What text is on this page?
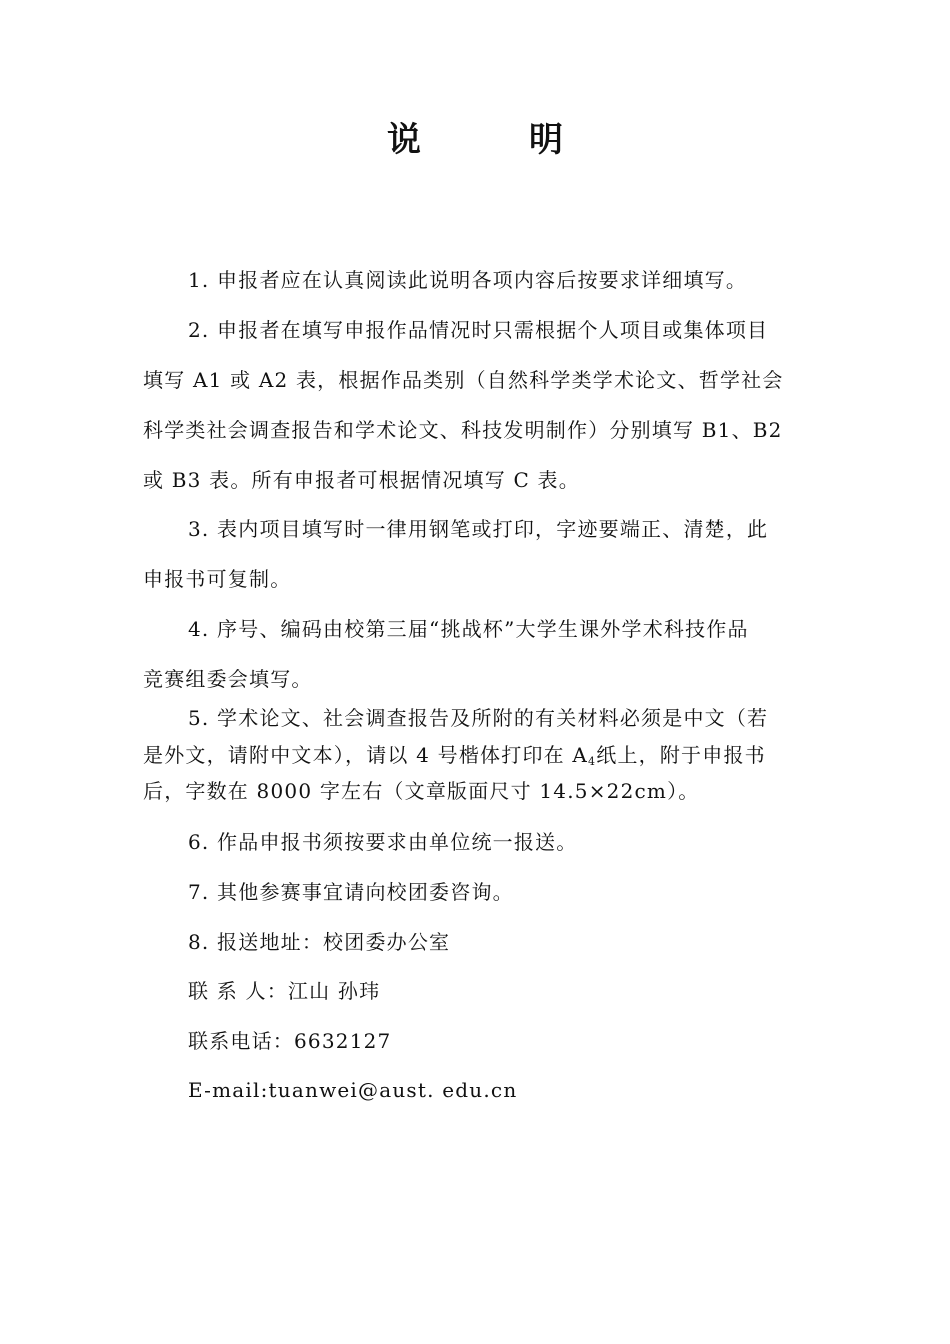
说	明
1. 申报者应在认真阅读此说明各项内容后按要求详细填写。
2. 申报者在填写申报作品情况时只需根据个人项目或集体项目
填写 A1 或 A2 表，根据作品类别（自然科学类学术论文、哲学社会
科学类社会调查报告和学术论文、科技发明制作）分别填写 B1、B2
或 B3 表。所有申报者可根据情况填写 C 表。
3. 表内项目填写时一律用钢笔或打印，字迹要端正、清楚，此
申报书可复制。
4. 序号、编码由校第三届“挑战杯”大学生课外学术科技作品
竞赛组委会填写。
5. 学术论文、社会调查报告及所附的有关材料必须是中文（若
是外文，请附中文本），请以 4 号楷体打印在 $A_4$纸上，附于申报书
后，字数在 8000 字左右（文章版面尺寸 14.5×22cm）。
6. 作品申报书须按要求由单位统一报送。
7. 其他参赛事宜请向校团委咨询。
8. 报送地址：校团委办公室
联 系 人：江山 孙玮
联系电话：6632127
E-mail:tuanwei@aust. edu.cn
